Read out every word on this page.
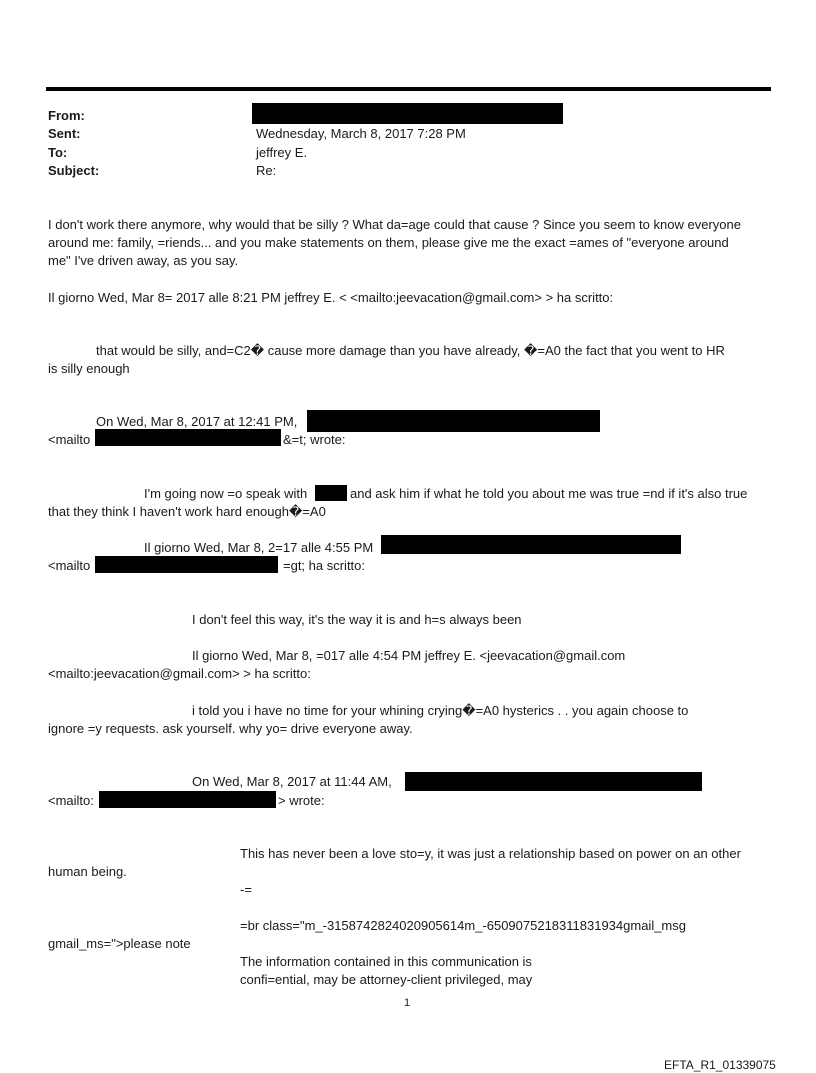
From:
Sent:	Wednesday, March 8, 2017 7:28 PM
To:	jeffrey E.
Subject:	Re:
I don't work there anymore, why would that be silly ? What da=age could that cause ? Since you seem to know everyone
around me: family, =riends... and you make statements on them, please give me the exact =ames of "everyone around
me" I've driven away, as you say.
Il giorno Wed, Mar 8= 2017 alle 8:21 PM jeffrey E. < <mailto:jeevacation@gmail.com> > ha scritto:
that would be silly, and=C2� cause more damage than you have already, �=A0 the fact that you went to HR
is silly enough
On Wed, Mar 8, 2017 at 12:41 PM,
<mailto	&=t; wrote:
I'm going now =o speak with	and ask him if what he told you about me was true =nd if it's also true
that they think I haven't work hard enough�=A0
Il giorno Wed, Mar 8, 2=17 alle 4:55 PM
<mailto	=gt; ha scritto:
I don't feel this way, it's the way it is and h=s always been
Il giorno Wed, Mar 8, =017 alle 4:54 PM jeffrey E. <jeevacation@gmail.com
<mailto:jeevacation@gmail.com> > ha scritto:
i told you i have no time for your whining crying�=A0 hysterics . . you again choose to
ignore =y requests. ask yourself. why yo= drive everyone away.
On Wed, Mar 8, 2017 at 11:44 AM,
<mailto:	> wrote:
This has never been a love sto=y, it was just a relationship based on power on an other
human being.
-=
=br class="m_-3158742824020905614m_-6509075218311831934gmail_msg
gmail_ms=">please note
The information contained in this communication is
confi=ential, may be attorney-client privileged, may
1
EFTA_R1_01339075
